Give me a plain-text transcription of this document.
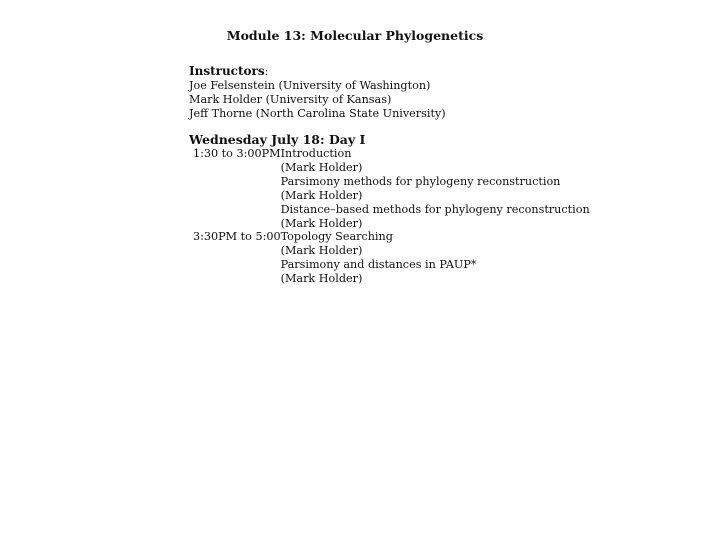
Module 13: Molecular Phylogenetics
Instructors:
Joe Felsenstein (University of Washington)
Mark Holder (University of Kansas)
Jeff Thorne (North Carolina State University)
Wednesday July 18: Day I
1:30 to 3:00PM	Introduction
	(Mark Holder)
	Parsimony methods for phylogeny reconstruction
	(Mark Holder)
	Distance–based methods for phylogeny reconstruction
	(Mark Holder)
3:30PM to 5:00	Topology Searching
	(Mark Holder)
	Parsimony and distances in PAUP*
	(Mark Holder)
